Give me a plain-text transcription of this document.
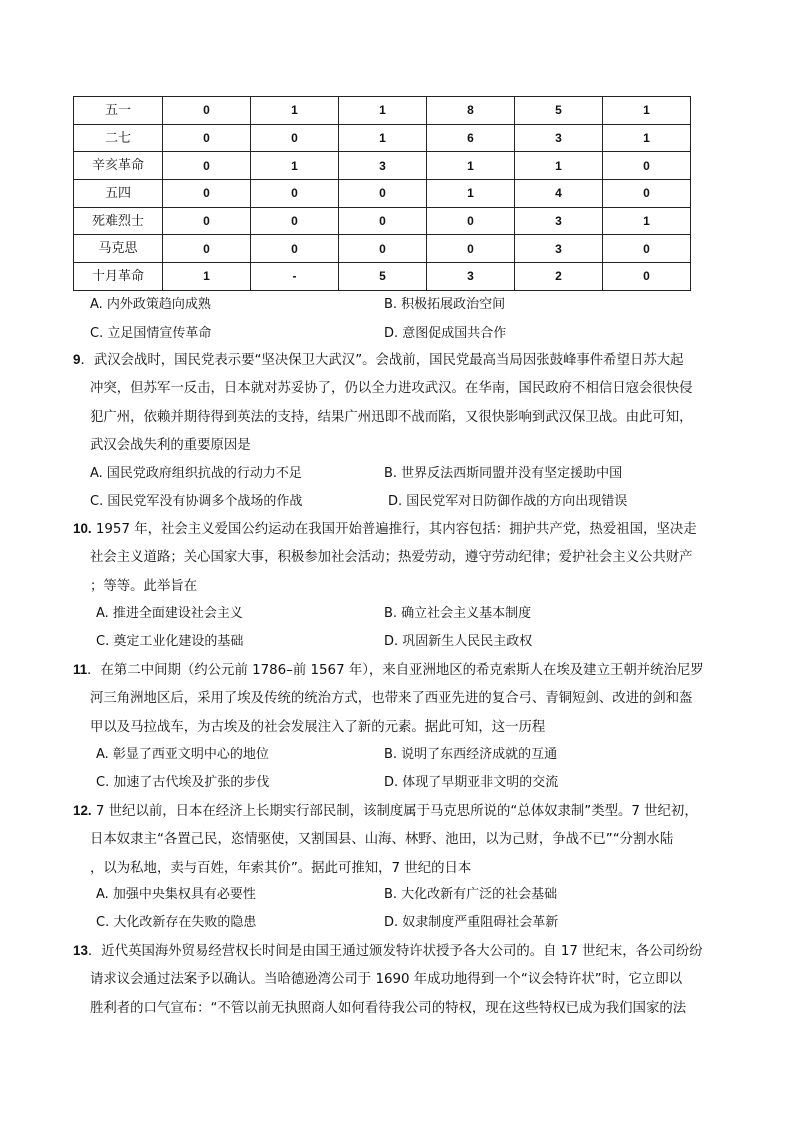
五一	0	1	1	8	5	1
二七	0	0	1	6	3	1
辛亥革命	0	1	3	1	1	0
五四	0	0	0	1	4	0
死难烈士	0	0	0	0	3	1
马克思	0	0	0	0	3	0
十月革命	1	-	5	3	2	0
A. 内外政策趋向成熟	B. 积极拓展政治空间
C. 立足国情宣传革命	D. 意图促成国共合作
9．武汉会战时，国民党表示要“坚决保卫大武汉”。会战前，国民党最高当局因张鼓峰事件希望日苏大起
冲突，但苏军一反击，日本就对苏妥协了，仍以全力进攻武汉。在华南，国民政府不相信日寇会很快侵
犯广州，依赖并期待得到英法的支持，结果广州迅即不战而陷，又很快影响到武汉保卫战。由此可知，
武汉会战失利的重要原因是
A. 国民党政府组织抗战的行动力不足	B. 世界反法西斯同盟并没有坚定援助中国
C. 国民党军没有协调多个战场的作战	D. 国民党军对日防御作战的方向出现错误
10. 1957 年，社会主义爱国公约运动在我国开始普遍推行，其内容包括：拥护共产党，热爱祖国，坚决走
社会主义道路；关心国家大事，积极参加社会活动；热爱劳动，遵守劳动纪律；爱护社会主义公共财产
；等等。此举旨在
A. 推进全面建设社会主义	B. 确立社会主义基本制度
C. 奠定工业化建设的基础	D. 巩固新生人民民主政权
11．在第二中间期（约公元前 1786–前 1567 年），来自亚洲地区的希克索斯人在埃及建立王朝并统治尼罗
河三角洲地区后，采用了埃及传统的统治方式，也带来了西亚先进的复合弓、青铜短剑、改进的剑和盔
甲以及马拉战车，为古埃及的社会发展注入了新的元素。据此可知，这一历程
A. 彰显了西亚文明中心的地位	B. 说明了东西经济成就的互通
C. 加速了古代埃及扩张的步伐	D. 体现了早期亚非文明的交流
12. 7 世纪以前，日本在经济上长期实行部民制，该制度属于马克思所说的“总体奴隶制”类型。7 世纪初，
日本奴隶主“各置己民，恣情驱使，又割国县、山海、林野、池田，以为己财，争战不已”“分割水陆
，以为私地，卖与百姓，年索其价”。据此可推知，7 世纪的日本
A. 加强中央集权具有必要性	B. 大化改新有广泛的社会基础
C. 大化改新存在失败的隐患	D. 奴隶制度严重阻碍社会革新
13．近代英国海外贸易经营权长时间是由国王通过颁发特许状授予各大公司的。自 17 世纪末，各公司纷纷
请求议会通过法案予以确认。当哈德逊湾公司于 1690 年成功地得到一个“议会特许状”时，它立即以
胜利者的口气宣布：“不管以前无执照商人如何看待我公司的特权，现在这些特权已成为我们国家的法
